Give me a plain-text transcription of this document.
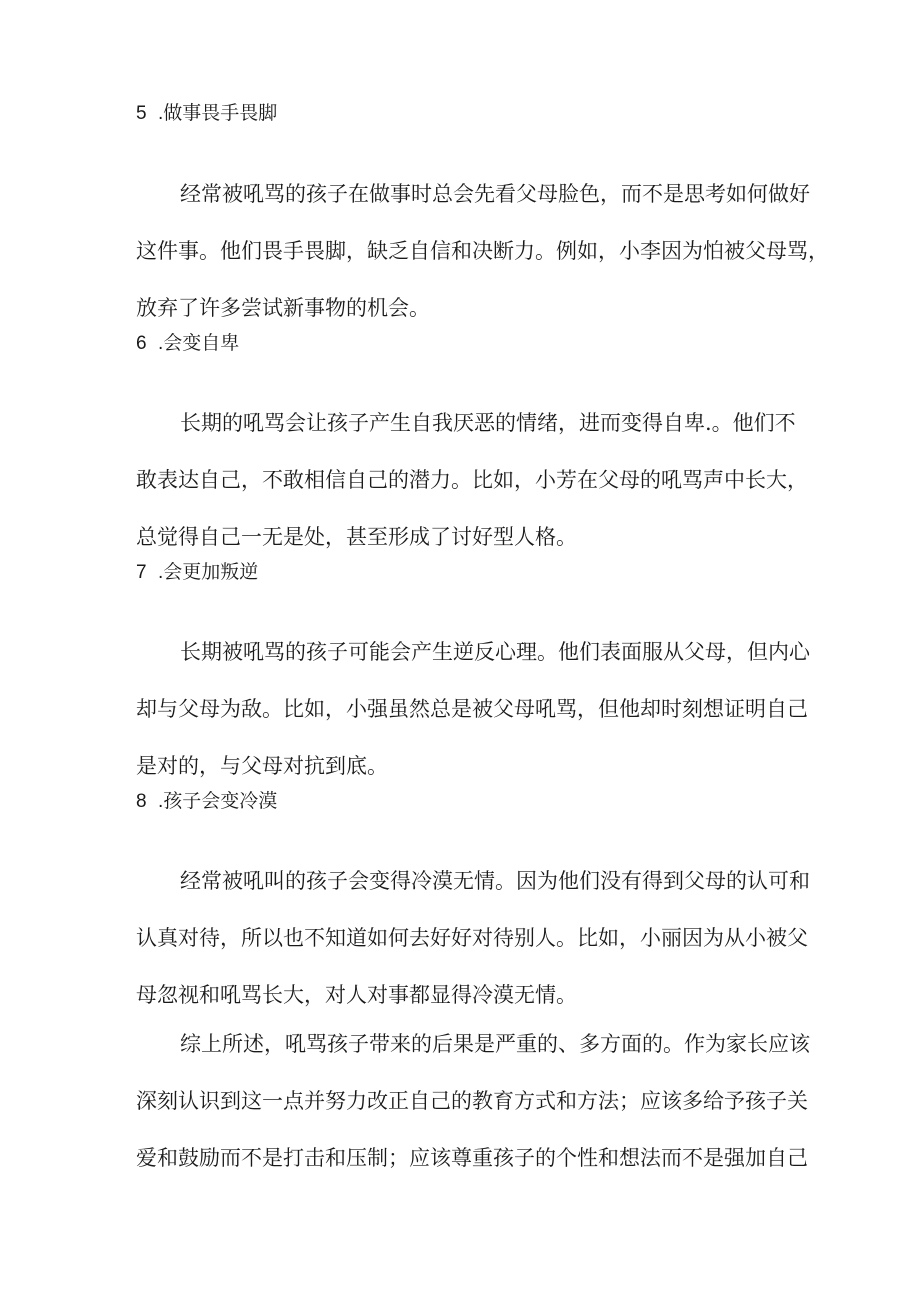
5 .做事畏手畏脚
经常被吼骂的孩子在做事时总会先看父母脸色，而不是思考如何做好
这件事。他们畏手畏脚，缺乏自信和决断力。例如，小李因为怕被父母骂，
放弃了许多尝试新事物的机会。
6 .会变自卑
长期的吼骂会让孩子产生自我厌恶的情绪，进而变得自卑.。他们不
敢表达自己，不敢相信自己的潜力。比如，小芳在父母的吼骂声中长大，
总觉得自己一无是处，甚至形成了讨好型人格。
7 .会更加叛逆
长期被吼骂的孩子可能会产生逆反心理。他们表面服从父母，但内心
却与父母为敌。比如，小强虽然总是被父母吼骂，但他却时刻想证明自己
是对的，与父母对抗到底。
8 .孩子会变冷漠
经常被吼叫的孩子会变得冷漠无情。因为他们没有得到父母的认可和
认真对待，所以也不知道如何去好好对待别人。比如，小丽因为从小被父
母忽视和吼骂长大，对人对事都显得冷漠无情。
综上所述，吼骂孩子带来的后果是严重的、多方面的。作为家长应该
深刻认识到这一点并努力改正自己的教育方式和方法；应该多给予孩子关
爱和鼓励而不是打击和压制；应该尊重孩子的个性和想法而不是强加自己
